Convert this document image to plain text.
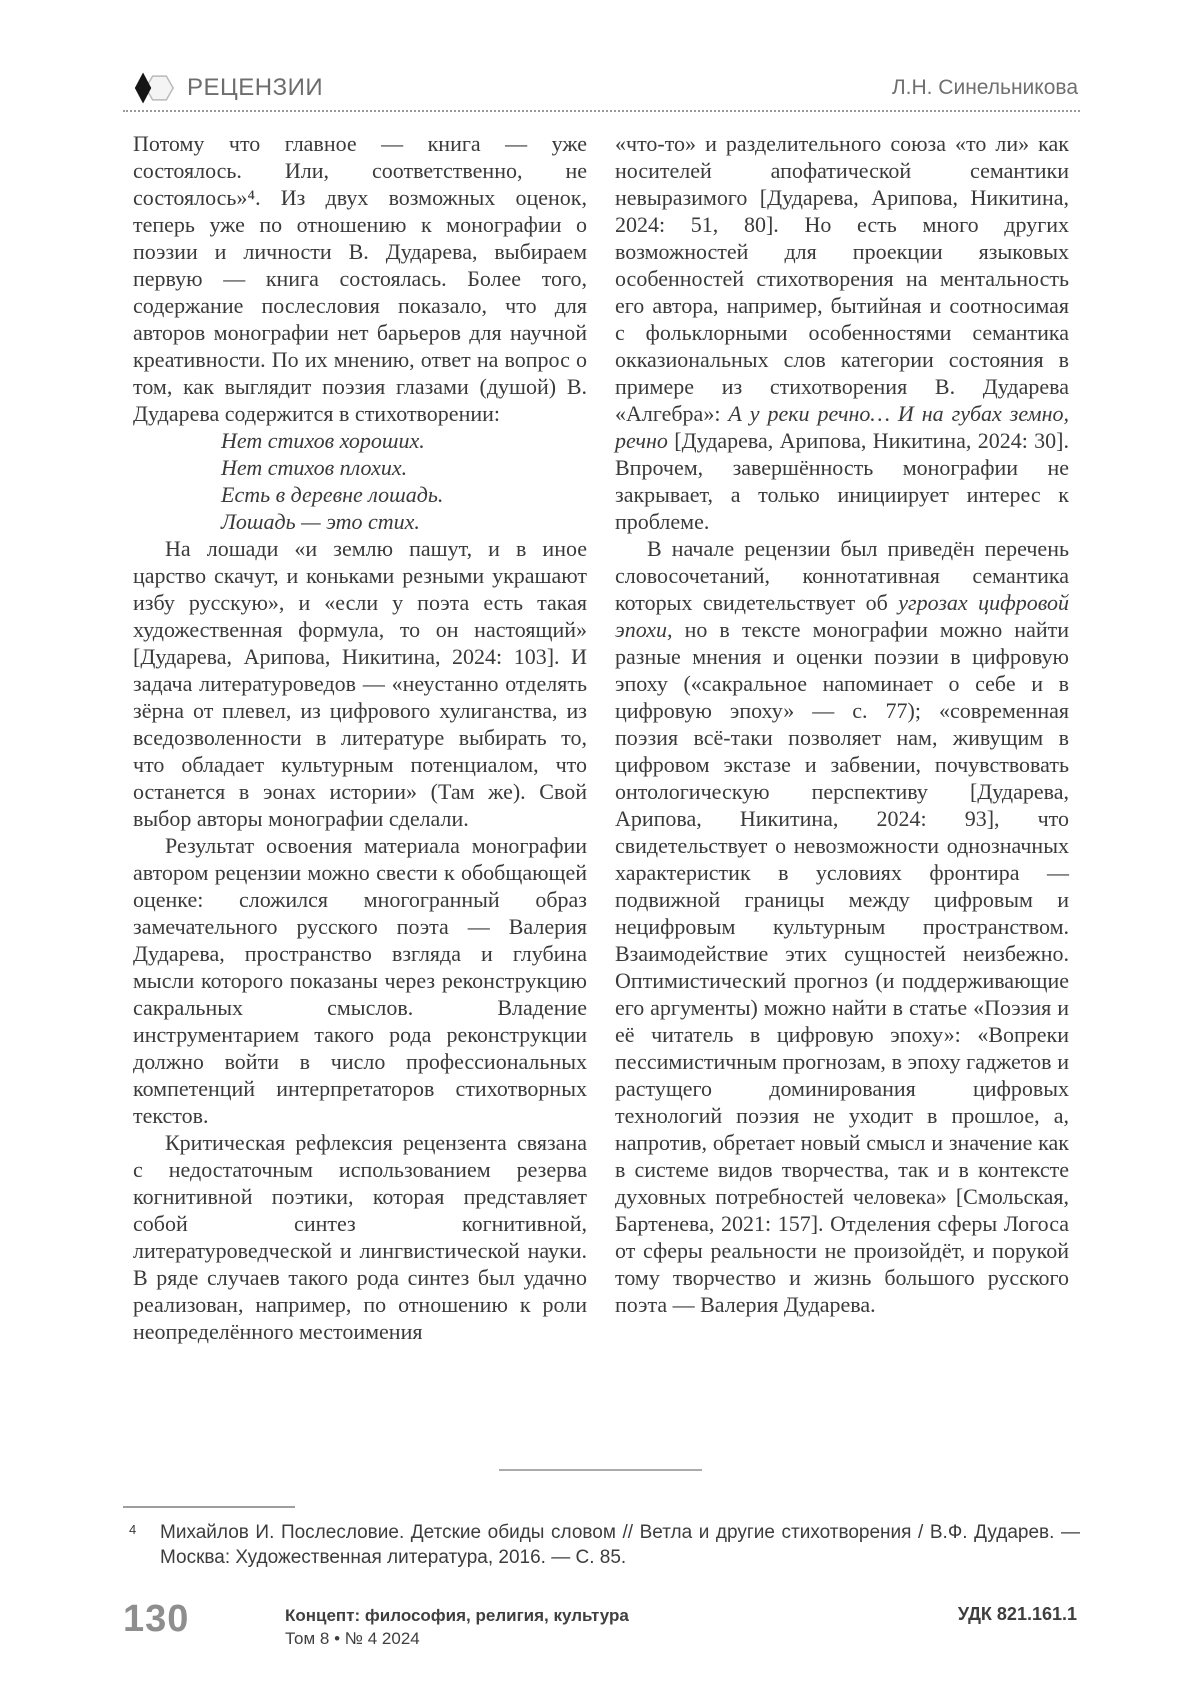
РЕЦЕНЗИИ	Л.Н. Синельникова

Потому что главное — книга — уже состоялось. Или, соответственно, не состоялось»⁴. Из двух возможных оценок, теперь уже по отношению к монографии о поэзии и личности В. Дударева, выбираем первую — книга состоялась. Более того, содержание послесловия показало, что для авторов монографии нет барьеров для научной креативности. По их мнению, ответ на вопрос о том, как выглядит поэзия глазами (душой) В. Дударева содержится в стихотворении:

Нет стихов хороших.
Нет стихов плохих.
Есть в деревне лошадь.
Лошадь — это стих.

На лошади «и землю пашут, и в иное царство скачут, и коньками резными украшают избу русскую», и «если у поэта есть такая художественная формула, то он настоящий» [Дударева, Арипова, Никитина, 2024: 103]. И задача литературоведов — «неустанно отделять зёрна от плевел, из цифрового хулиганства, из вседозволенности в литературе выбирать то, что обладает культурным потенциалом, что останется в эонах истории» (Там же). Свой выбор авторы монографии сделали.

Результат освоения материала монографии автором рецензии можно свести к обобщающей оценке: сложился многогранный образ замечательного русского поэта — Валерия Дударева, пространство взгляда и глубина мысли которого показаны через реконструкцию сакральных смыслов. Владение инструментарием такого рода реконструкции должно войти в число профессиональных компетенций интерпретаторов стихотворных текстов.

Критическая рефлексия рецензента связана с недостаточным использованием резерва когнитивной поэтики, которая представляет собой синтез когнитивной, литературоведческой и лингвистической науки. В ряде случаев такого рода синтез был удачно реализован, например, по отношению к роли неопределённого местоимения

«что-то» и разделительного союза «то ли» как носителей апофатической семантики невыразимого [Дударева, Арипова, Никитина, 2024: 51, 80]. Но есть много других возможностей для проекции языковых особенностей стихотворения на ментальность его автора, например, бытийная и соотносимая с фольклорными особенностями семантика окказиональных слов категории состояния в примере из стихотворения В. Дударева «Алгебра»: А у реки речно… И на губах земно, речно [Дударева, Арипова, Никитина, 2024: 30]. Впрочем, завершённость монографии не закрывает, а только инициирует интерес к проблеме.

В начале рецензии был приведён перечень словосочетаний, коннотативная семантика которых свидетельствует об угрозах цифровой эпохи, но в тексте монографии можно найти разные мнения и оценки поэзии в цифровую эпоху («сакральное напоминает о себе и в цифровую эпоху» — с. 77); «современная поэзия всё-таки позволяет нам, живущим в цифровом экстазе и забвении, почувствовать онтологическую перспективу [Дударева, Арипова, Никитина, 2024: 93], что свидетельствует о невозможности однозначных характеристик в условиях фронтира — подвижной границы между цифровым и нецифровым культурным пространством. Взаимодействие этих сущностей неизбежно. Оптимистический прогноз (и поддерживающие его аргументы) можно найти в статье «Поэзия и её читатель в цифровую эпоху»: «Вопреки пессимистичным прогнозам, в эпоху гаджетов и растущего доминирования цифровых технологий поэзия не уходит в прошлое, а, напротив, обретает новый смысл и значение как в системе видов творчества, так и в контексте духовных потребностей человека» [Смольская, Бартенева, 2021: 157]. Отделения сферы Логоса от сферы реальности не произойдёт, и порукой тому творчество и жизнь большого русского поэта — Валерия Дударева.

4 Михайлов И. Послесловие. Детские обиды словом // Ветла и другие стихотворения / В.Ф. Дударев. — Москва: Художественная литература, 2016. — С. 85.
130	Концепт: философия, религия, культура
Том 8 • № 4 2024
УДК 821.161.1
